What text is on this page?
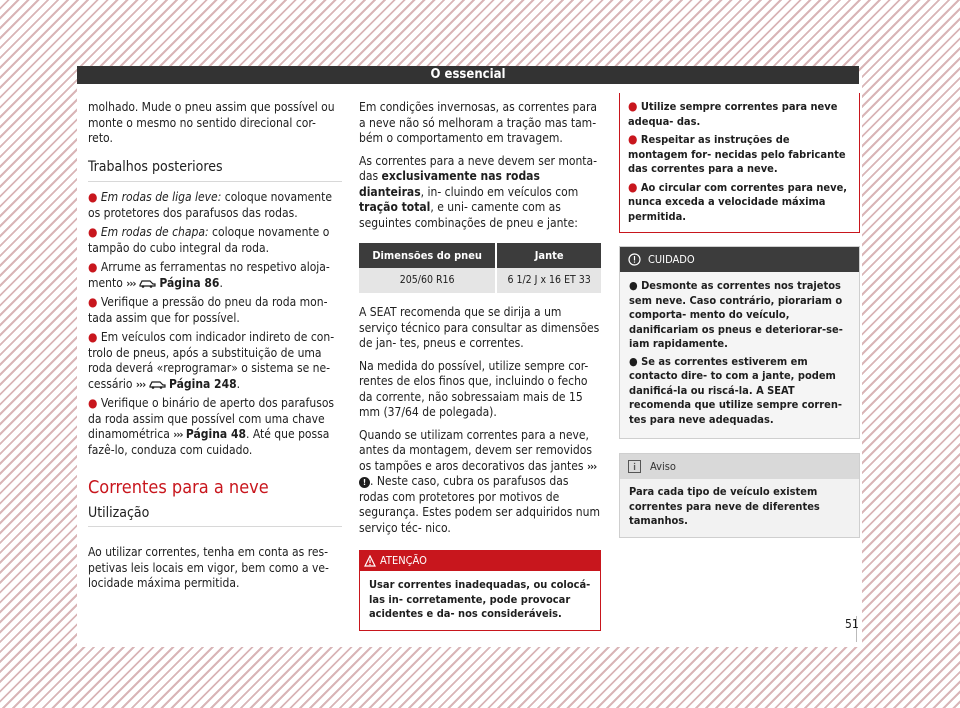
O essencial

molhado. Mude o pneu assim que possível ou monte o mesmo no sentido direcional cor- reto.

Trabalhos posteriores
● Em rodas de liga leve: coloque novamente os protetores dos parafusos das rodas.
● Em rodas de chapa: coloque novamente o tampão do cubo integral da roda.
● Arrume as ferramentas no respetivo aloja- mento ››› Página 86.
● Verifique a pressão do pneu da roda mon- tada assim que for possível.
● Em veículos com indicador indireto de con- trolo de pneus, após a substituição de uma roda deverá «reprogramar» o sistema se ne- cessário ››› Página 248.
● Verifique o binário de aperto dos parafusos da roda assim que possível com uma chave dinamométrica ››› Página 48. Até que possa fazê-lo, conduza com cuidado.
Correntes para a neve
Utilização

Ao utilizar correntes, tenha em conta as res- petivas leis locais em vigor, bem como a ve- locidade máxima permitida.

Em condições invernosas, as correntes para a neve não só melhoram a tração mas tam- bém o comportamento em travagem.

As correntes para a neve devem ser monta- das exclusivamente nas rodas dianteiras, in- cluindo em veículos com tração total, e uni- camente com as seguintes combinações de pneu e jante:

Dimensões do pneu	Jante
205/60 R16	6 1/2 J x 16 ET 33

A SEAT recomenda que se dirija a um serviço técnico para consultar as dimensões de jan- tes, pneus e correntes.

Na medida do possível, utilize sempre cor- rentes de elos finos que, incluindo o fecho da corrente, não sobressaiam mais de 15 mm (37/64 de polegada).

Quando se utilizam correntes para a neve, antes da montagem, devem ser removidos os tampões e aros decorativos das jantes ››› ! . Neste caso, cubra os parafusos das rodas com protetores por motivos de segurança. Estes podem ser adquiridos num serviço téc- nico.

ATENÇÃO
Usar correntes inadequadas, ou colocá-las in- corretamente, pode provocar acidentes e da- nos consideráveis.
● Utilize sempre correntes para neve adequa- das.
● Respeitar as instruções de montagem for- necidas pelo fabricante das correntes para a neve.
● Ao circular com correntes para neve, nunca exceda a velocidade máxima permitida.
CUIDADO
● Desmonte as correntes nos trajetos sem neve. Caso contrário, piorariam o comporta- mento do veículo, danificariam os pneus e deteriorar-se-iam rapidamente.
● Se as correntes estiverem em contacto dire- to com a jante, podem danificá-la ou riscá-la. A SEAT recomenda que utilize sempre corren- tes para neve adequadas.
Aviso
Para cada tipo de veículo existem correntes para neve de diferentes tamanhos.
51
